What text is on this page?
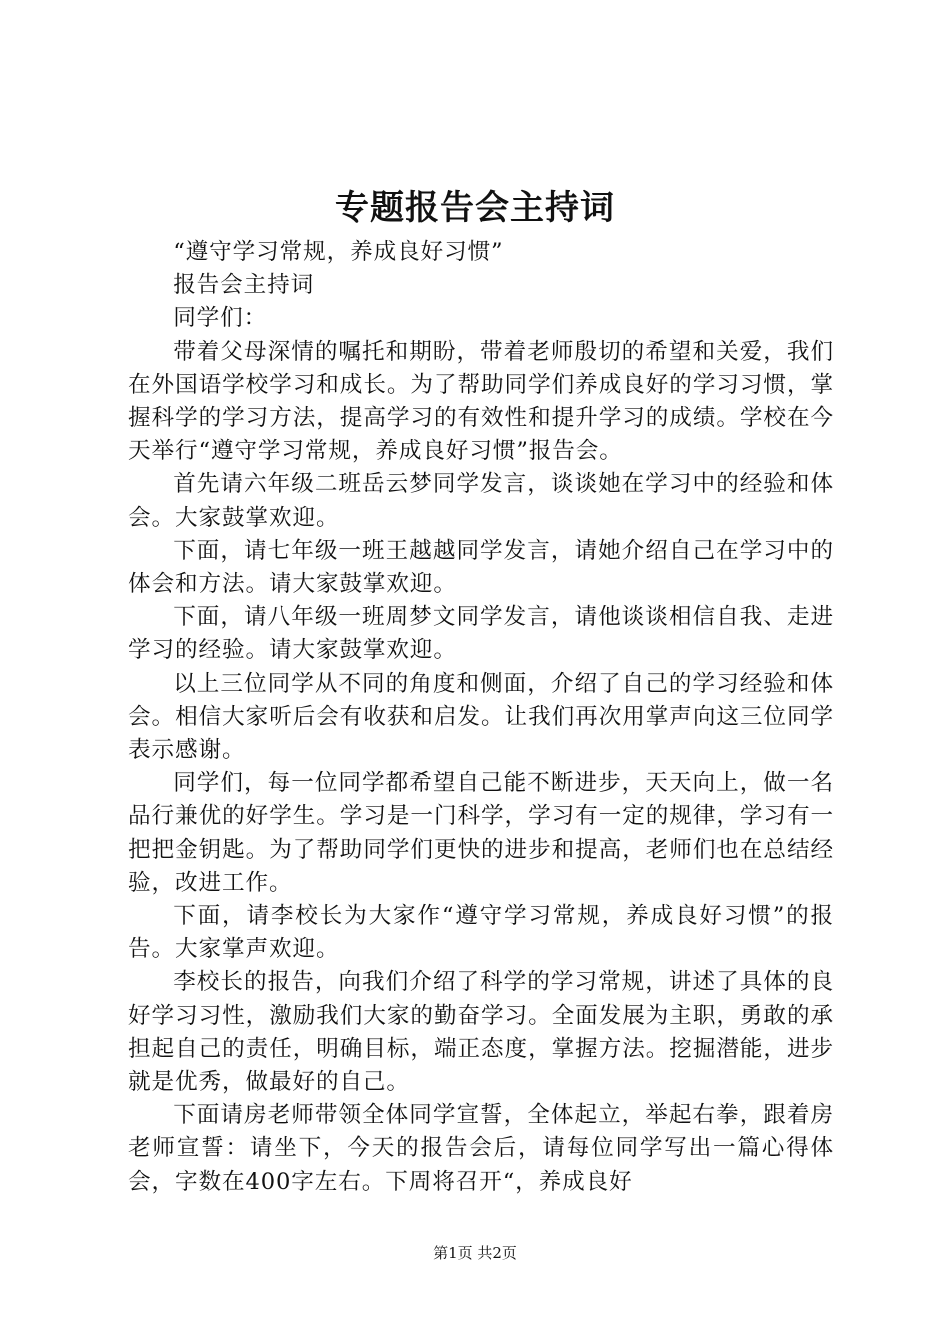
专题报告会主持词

“遵守学习常规，养成良好习惯”

报告会主持词

同学们：

带着父母深情的嘱托和期盼，带着老师殷切的希望和关爱，我们在外国语学校学习和成长。为了帮助同学们养成良好的学习习惯，掌握科学的学习方法，提高学习的有效性和提升学习的成绩。学校在今天举行“遵守学习常规，养成良好习惯”报告会。

首先请六年级二班岳云梦同学发言，谈谈她在学习中的经验和体会。大家鼓掌欢迎。

下面，请七年级一班王越越同学发言，请她介绍自己在学习中的体会和方法。请大家鼓掌欢迎。

下面，请八年级一班周梦文同学发言，请他谈谈相信自我、走进学习的经验。请大家鼓掌欢迎。

以上三位同学从不同的角度和侧面，介绍了自己的学习经验和体会。相信大家听后会有收获和启发。让我们再次用掌声向这三位同学表示感谢。

同学们，每一位同学都希望自己能不断进步，天天向上，做一名品行兼优的好学生。学习是一门科学，学习有一定的规律，学习有一把把金钥匙。为了帮助同学们更快的进步和提高，老师们也在总结经验，改进工作。

下面，请李校长为大家作“遵守学习常规，养成良好习惯”的报告。大家掌声欢迎。

李校长的报告，向我们介绍了科学的学习常规，讲述了具体的良好学习习性，激励我们大家的勤奋学习。全面发展为主职，勇敢的承担起自己的责任，明确目标，端正态度，掌握方法。挖掘潜能，进步就是优秀，做最好的自己。

下面请房老师带领全体同学宣誓，全体起立，举起右拳，跟着房老师宣誓：请坐下，今天的报告会后，请每位同学写出一篇心得体会，字数在400字左右。下周将召开“，养成良好

第1页 共2页
